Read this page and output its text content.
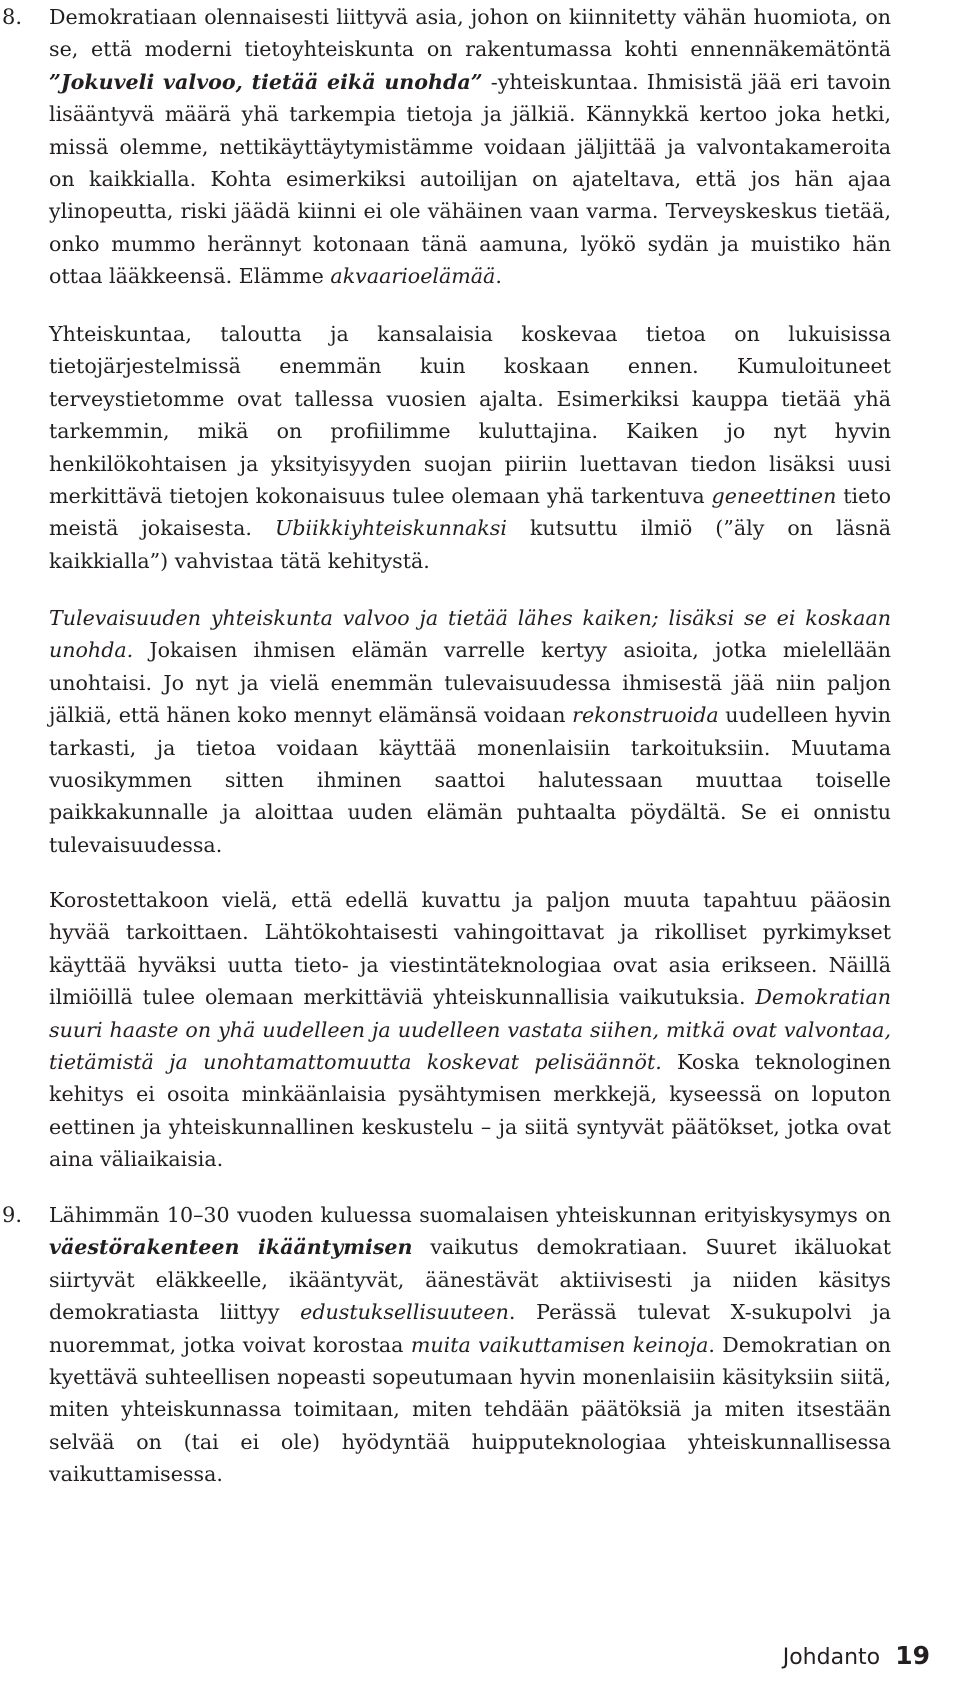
8. Demokratiaan olennaisesti liittyvä asia, johon on kiinnitetty vähän huomiota, on se, että moderni tietoyhteiskunta on rakentumassa kohti ennennäkemätöntä ”Jokuveli valvoo, tietää eikä unohda” -yhteiskuntaa. Ihmisistä jää eri tavoin lisääntyvä määrä yhä tarkempia tietoja ja jälkiä. Kännykkä kertoo joka hetki, missä olemme, nettikäyttäytymistämme voidaan jäljittää ja valvontakameroita on kaikkialla. Kohta esimerkiksi autoilijan on ajateltava, että jos hän ajaa ylinopeutta, riski jäädä kiinni ei ole vähäinen vaan varma. Terveyskeskus tietää, onko mummo herännyt kotonaan tänä aamuna, lyökö sydän ja muistiko hän ottaa lääkkeensä. Elämme akvaarioelämää.

Yhteiskuntaa, taloutta ja kansalaisia koskevaa tietoa on lukuisissa tietojärjestelmissä enemmän kuin koskaan ennen. Kumuloituneet terveystietomme ovat tallessa vuosien ajalta. Esimerkiksi kauppa tietää yhä tarkemmin, mikä on profiilimme kuluttajina. Kaiken jo nyt hyvin henkilökohtaisen ja yksityisyyden suojan piiriin luettavan tiedon lisäksi uusi merkittävä tietojen kokonaisuus tulee olemaan yhä tarkentuva geneettinen tieto meistä jokaisesta. Ubiikkiyhteiskunnaksi kutsuttu ilmiö (”äly on läsnä kaikkialla”) vahvistaa tätä kehitystä.

Tulevaisuuden yhteiskunta valvoo ja tietää lähes kaiken; lisäksi se ei koskaan unohda. Jokaisen ihmisen elämän varrelle kertyy asioita, jotka mielellään unohtaisi. Jo nyt ja vielä enemmän tulevaisuudessa ihmisestä jää niin paljon jälkiä, että hänen koko mennyt elämänsä voidaan rekonstruoida uudelleen hyvin tarkasti, ja tietoa voidaan käyttää monenlaisiin tarkoituksiin. Muutama vuosikymmen sitten ihminen saattoi halutessaan muuttaa toiselle paikkakunnalle ja aloittaa uuden elämän puhtaalta pöydältä. Se ei onnistu tulevaisuudessa.

Korostettakoon vielä, että edellä kuvattu ja paljon muuta tapahtuu pääosin hyvää tarkoittaen. Lähtökohtaisesti vahingoittavat ja rikolliset pyrkimykset käyttää hyväksi uutta tieto- ja viestintäteknologiaa ovat asia erikseen. Näillä ilmiöillä tulee olemaan merkittäviä yhteiskunnallisia vaikutuksia. Demokratian suuri haaste on yhä uudelleen ja uudelleen vastata siihen, mitkä ovat valvontaa, tietämistä ja unohtamattomuutta koskevat pelisäännöt. Koska teknologinen kehitys ei osoita minkäänlaisia pysähtymisen merkkejä, kyseessä on loputon eettinen ja yhteiskunnallinen keskustelu – ja siitä syntyvät päätökset, jotka ovat aina väliaikaisia.

9. Lähimmän 10–30 vuoden kuluessa suomalaisen yhteiskunnan erityiskysymys on väestörakenteen ikääntymisen vaikutus demokratiaan. Suuret ikäluokat siirtyvät eläkkeelle, ikääntyvät, äänestävät aktiivisesti ja niiden käsitys demokratiasta liittyy edustuksellisuuteen. Perässä tulevat X-sukupolvi ja nuoremmat, jotka voivat korostaa muita vaikuttamisen keinoja. Demokratian on kyettävä suhteellisen nopeasti sopeutumaan hyvin monenlaisiin käsityksiin siitä, miten yhteiskunnassa toimitaan, miten tehdään päätöksiä ja miten itsestään selvää on (tai ei ole) hyödyntää huipputeknologiaa yhteiskunnallisessa vaikuttamisessa.

Johdanto 19
